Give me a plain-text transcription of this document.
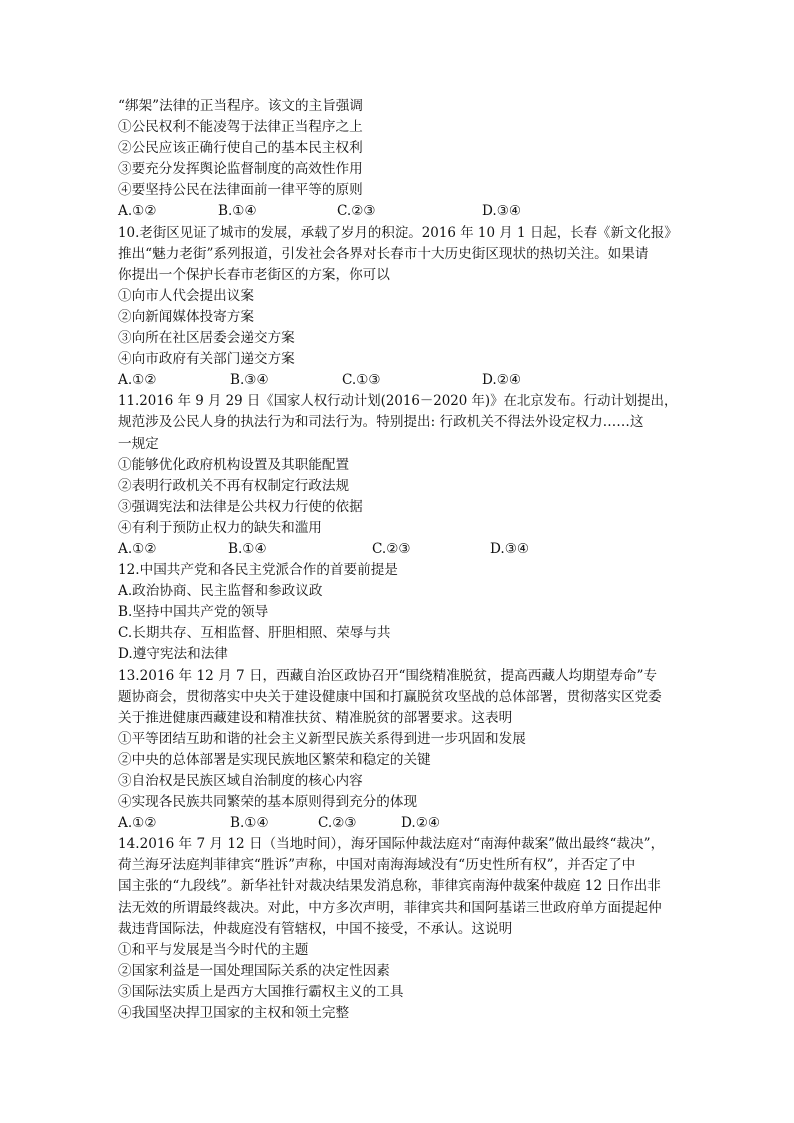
“绑架”法律的正当程序。该文的主旨强调
①公民权利不能凌驾于法律正当程序之上
②公民应该正确行使自己的基本民主权利
③要充分发挥舆论监督制度的高效性作用
④要坚持公民在法律面前一律平等的原则
A.①②	B.①④	C.②③	D.③④
10.老街区见证了城市的发展，承载了岁月的积淀。2016 年 10 月 1 日起，长春《新文化报》
推出“魅力老街”系列报道，引发社会各界对长春市十大历史街区现状的热切关注。如果请
你提出一个保护长春市老街区的方案，你可以
①向市人代会提出议案
②向新闻媒体投寄方案
③向所在社区居委会递交方案
④向市政府有关部门递交方案
A.①②	B.③④	C.①③	D.②④
11.2016 年 9 月 29 日《国家人权行动计划(2016－2020 年)》在北京发布。行动计划提出，
规范涉及公民人身的执法行为和司法行为。特别提出: 行政机关不得法外设定权力……这
一规定
①能够优化政府机构设置及其职能配置
②表明行政机关不再有权制定行政法规
③强调宪法和法律是公共权力行使的依据
④有利于预防止权力的缺失和滥用
A.①②	B.①④	C.②③	D.③④
12.中国共产党和各民主党派合作的首要前提是
A.政治协商、民主监督和参政议政
B.坚持中国共产党的领导
C.长期共存、互相监督、肝胆相照、荣辱与共
D.遵守宪法和法律
13.2016 年 12 月 7 日，西藏自治区政协召开“围绕精准脱贫，提高西藏人均期望寿命”专
题协商会，贯彻落实中央关于建设健康中国和打赢脱贫攻坚战的总体部署，贯彻落实区党委
关于推进健康西藏建设和精准扶贫、精准脱贫的部署要求。这表明
①平等团结互助和谐的社会主义新型民族关系得到进一步巩固和发展
②中央的总体部署是实现民族地区繁荣和稳定的关键
③自治权是民族区域自治制度的核心内容
④实现各民族共同繁荣的基本原则得到充分的体现
A.①②	B.①④	C.②③	D.②④
14.2016 年 7 月 12 日（当地时间），海牙国际仲裁法庭对“南海仲裁案”做出最终“裁决”，
荷兰海牙法庭判菲律宾“胜诉”声称，中国对南海海域没有“历史性所有权”，并否定了中
国主张的“九段线”。新华社针对裁决结果发消息称，菲律宾南海仲裁案仲裁庭 12 日作出非
法无效的所谓最终裁决。对此，中方多次声明，菲律宾共和国阿基诺三世政府单方面提起仲
裁违背国际法，仲裁庭没有管辖权，中国不接受，不承认。这说明
①和平与发展是当今时代的主题
②国家利益是一国处理国际关系的决定性因素
③国际法实质上是西方大国推行霸权主义的工具
④我国坚决捍卫国家的主权和领土完整
